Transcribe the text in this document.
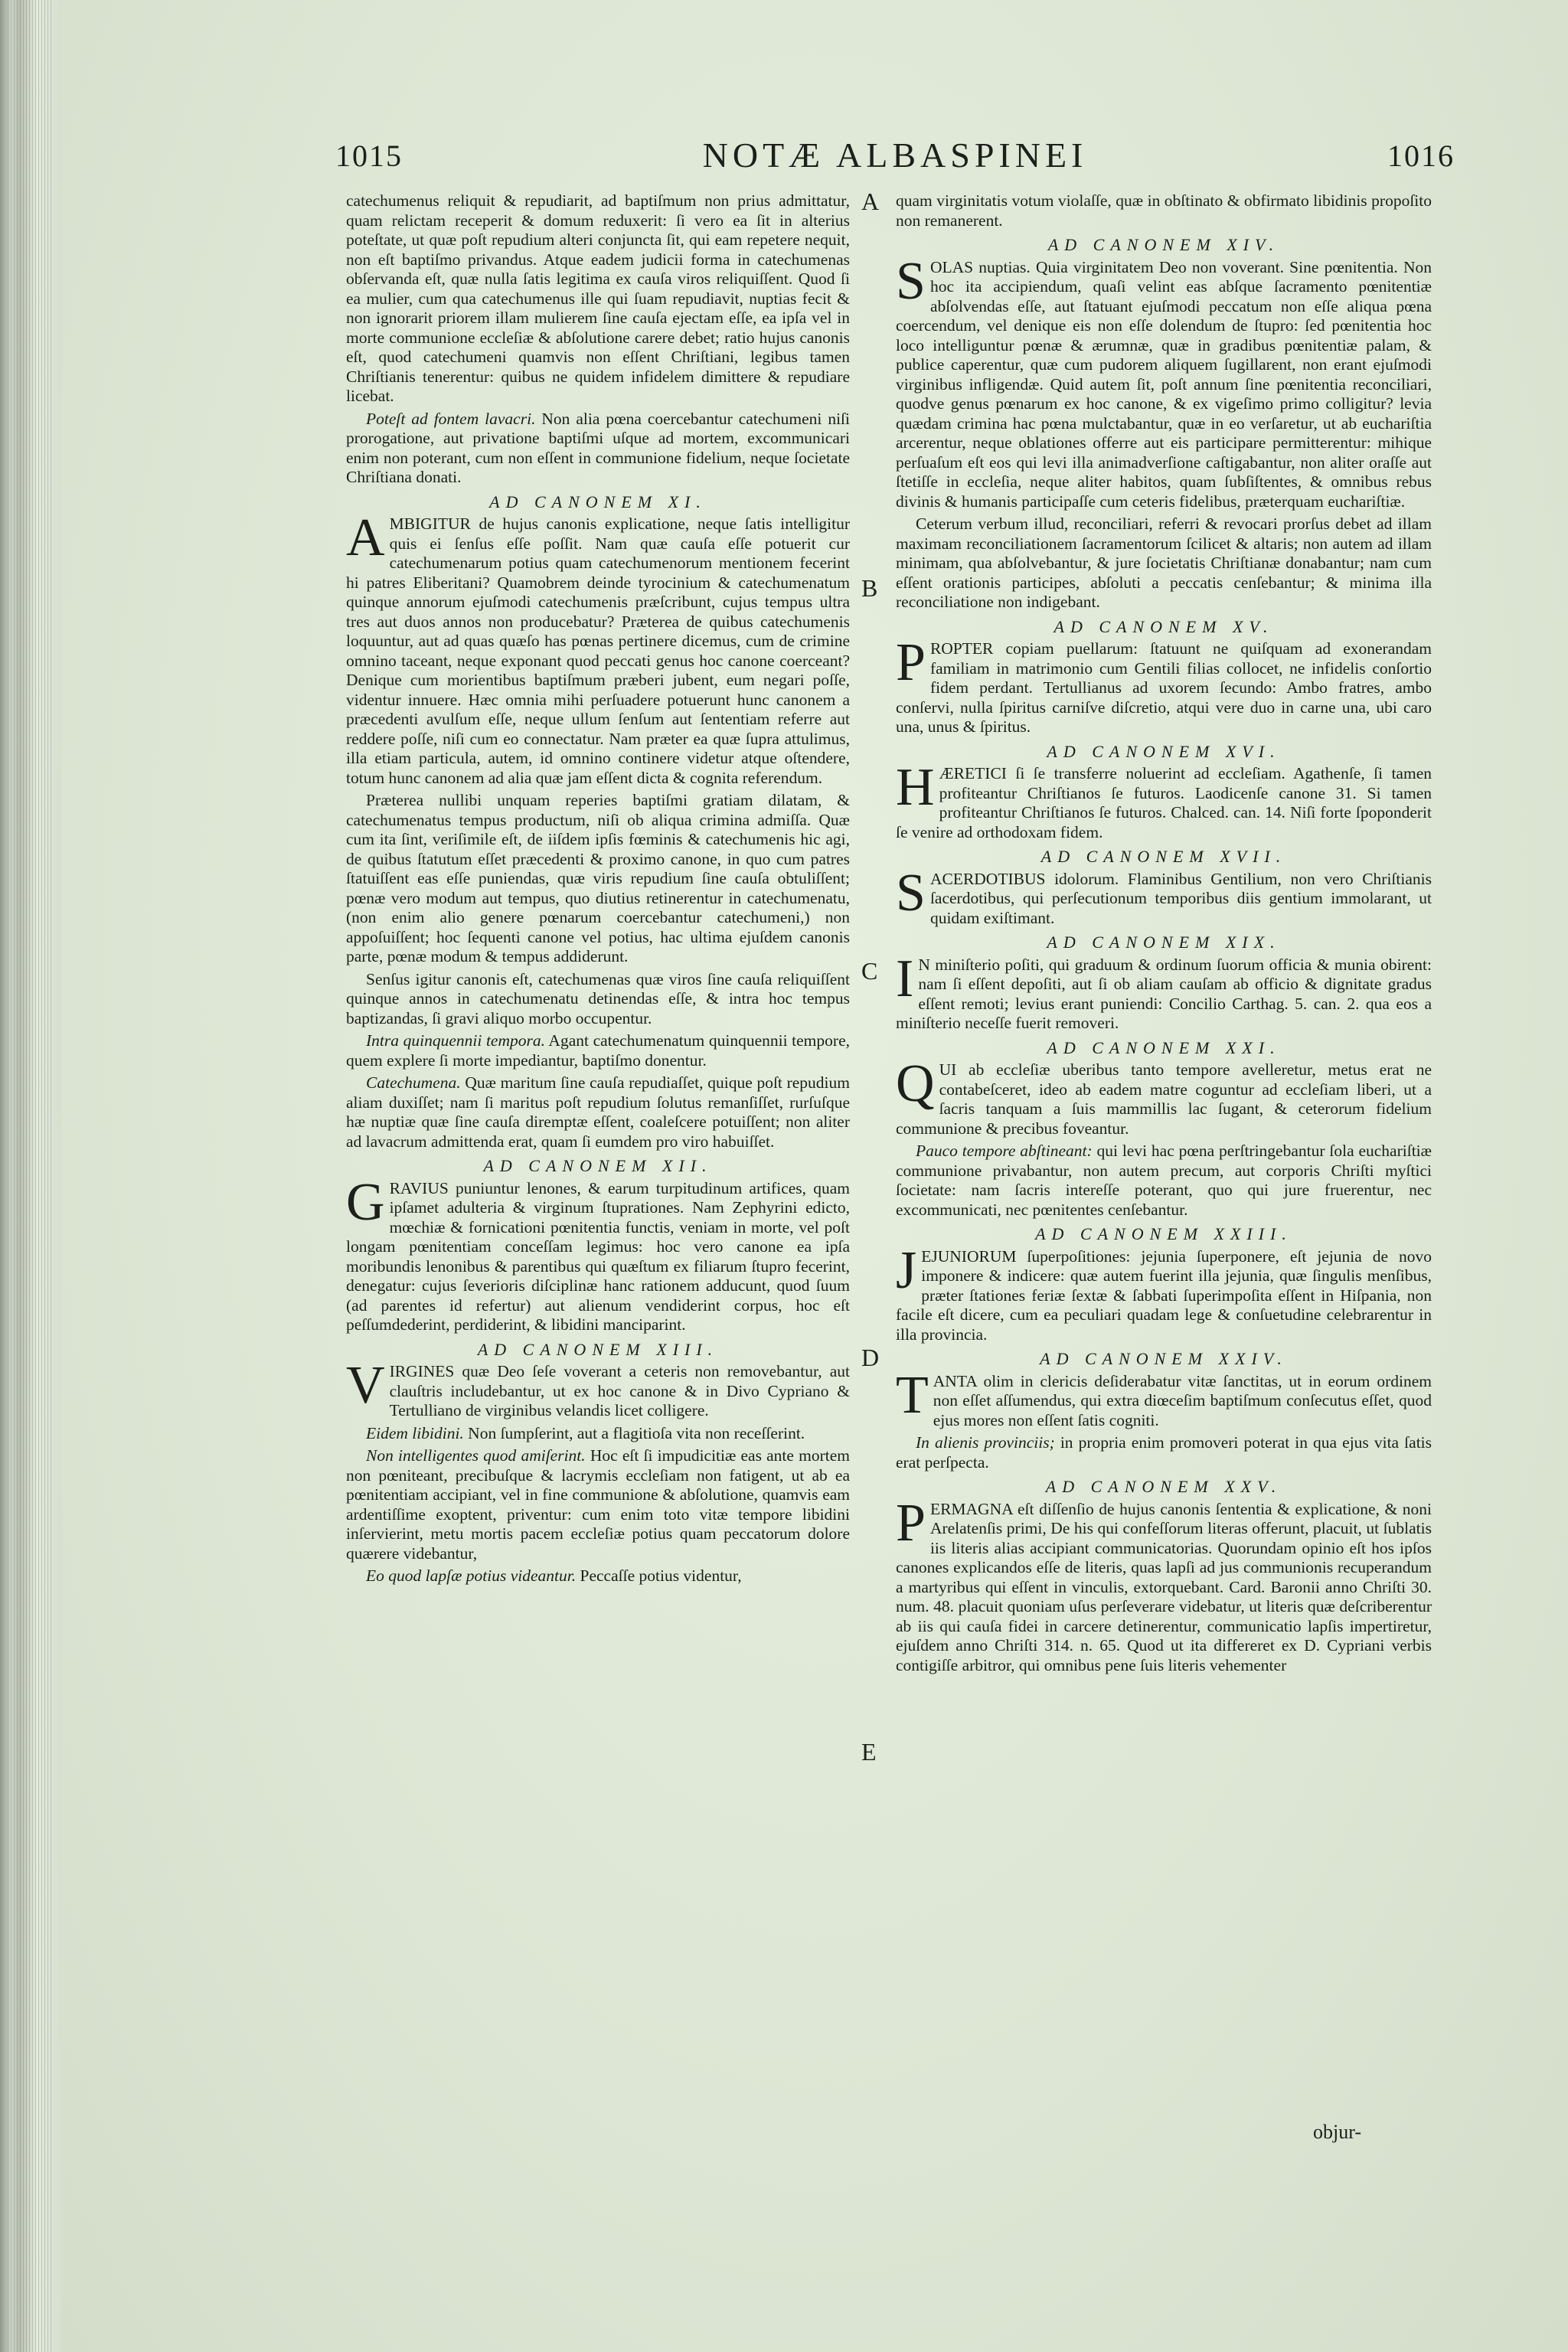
1015	NOTÆ ALBASPINEI	1016

catechumenus reliquit & repudiarit, ad baptiſmum non prius admittatur, quam relictam receperit & domum reduxerit: ſi vero ea ſit in alterius poteſtate, ut quæ poſt repudium alteri conjuncta ſit, qui eam repetere nequit, non eſt baptiſmo privandus. Atque eadem judicii forma in catechumenas obſervanda eſt, quæ nulla ſatis legitima ex cauſa viros reliquiſſent. Quod ſi ea mulier, cum qua catechumenus ille qui ſuam repudiavit, nuptias fecit & non ignorarit priorem illam mulierem ſine cauſa ejectam eſſe, ea ipſa vel in morte communione eccleſiæ & abſolutione carere debet; ratio hujus canonis eſt, quod catechumeni quamvis non eſſent Chriſtiani, legibus tamen Chriſtianis tenerentur: quibus ne quidem infidelem dimittere & repudiare licebat.

Poteſt ad fontem lavacri. Non alia pœna coercebantur catechumeni niſi prorogatione, aut privatione baptiſmi uſque ad mortem, excommunicari enim non poterant, cum non eſſent in communione fidelium, neque ſocietate Chriſtiana donati.

AD CANONEM XI.

AMBIGITUR de hujus canonis explicatione, neque ſatis intelligitur quis ei ſenſus eſſe poſſit. Nam quæ cauſa eſſe potuerit cur catechumenarum potius quam catechumenorum mentionem fecerint hi patres Eliberitani? Quamobrem deinde tyrocinium & catechumenatum quinque annorum ejuſmodi catechumenis præſcribunt, cujus tempus ultra tres aut duos annos non producebatur? Præterea de quibus catechumenis loquuntur, aut ad quas quæſo has pœnas pertinere dicemus, cum de crimine omnino taceant, neque exponant quod peccati genus hoc canone coerceant? Denique cum morientibus baptiſmum præberi jubent, eum negari poſſe, videntur innuere. Hæc omnia mihi perſuadere potuerunt hunc canonem a præcedenti avulſum eſſe, neque ullum ſenſum aut ſententiam referre aut reddere poſſe, niſi cum eo connectatur. Nam præter ea quæ ſupra attulimus, illa etiam particula, autem, id omnino continere videtur atque oſtendere, totum hunc canonem ad alia quæ jam eſſent dicta & cognita referendum.

Præterea nullibi unquam reperies baptiſmi gratiam dilatam, & catechumenatus tempus productum, niſi ob aliqua crimina admiſſa. Quæ cum ita ſint, veriſimile eſt, de iiſdem ipſis fœminis & catechumenis hic agi, de quibus ſtatutum eſſet præcedenti & proximo canone, in quo cum patres ſtatuiſſent eas eſſe puniendas, quæ viris repudium ſine cauſa obtuliſſent; pœnæ vero modum aut tempus, quo diutius retinerentur in catechumenatu, (non enim alio genere pœnarum coercebantur catechumeni,) non appoſuiſſent; hoc ſequenti canone vel potius, hac ultima ejuſdem canonis parte, pœnæ modum & tempus addiderunt.

Senſus igitur canonis eſt, catechumenas quæ viros ſine cauſa reliquiſſent quinque annos in catechumenatu detinendas eſſe, & intra hoc tempus baptizandas, ſi gravi aliquo morbo occupentur.

Intra quinquennii tempora. Agant catechumenatum quinquennii tempore, quem explere ſi morte impediantur, baptiſmo donentur.

Catechumena. Quæ maritum ſine cauſa repudiaſſet, quique poſt repudium aliam duxiſſet; nam ſi maritus poſt repudium ſolutus remanſiſſet, rurſuſque hæ nuptiæ quæ ſine cauſa diremptæ eſſent, coaleſcere potuiſſent; non aliter ad lavacrum admittenda erat, quam ſi eumdem pro viro habuiſſet.

AD CANONEM XII.

GRAVIUS puniuntur lenones, & earum turpitudinum artifices, quam ipſamet adulteria & virginum ſtuprationes. Nam Zephyrini edicto, mœchiæ & fornicationi pœnitentia functis, veniam in morte, vel poſt longam pœnitentiam conceſſam legimus: hoc vero canone ea ipſa moribundis lenonibus & parentibus qui quæſtum ex filiarum ſtupro fecerint, denegatur: cujus ſeverioris diſciplinæ hanc rationem adducunt, quod ſuum (ad parentes id refertur) aut alienum vendiderint corpus, hoc eſt peſſumdederint, perdiderint, & libidini manciparint.

AD CANONEM XIII.

VIRGINES quæ Deo ſeſe voverant a ceteris non removebantur, aut clauſtris includebantur, ut ex hoc canone & in Divo Cypriano & Tertulliano de virginibus velandis licet colligere.

Eidem libidini. Non ſumpſerint, aut a flagitioſa vita non receſſerint.

Non intelligentes quod amiſerint. Hoc eſt ſi impudicitiæ eas ante mortem non pœniteant, precibuſque & lacrymis eccleſiam non fatigent, ut ab ea pœnitentiam accipiant, vel in fine communione & abſolutione, quamvis eam ardentiſſime exoptent, priventur: cum enim toto vitæ tempore libidini inſervierint, metu mortis pacem eccleſiæ potius quam peccatorum dolore quærere videbantur,

Eo quod lapſæ potius videantur. Peccaſſe potius videntur,

A
B
C
D
E

quam virginitatis votum violaſſe, quæ in obſtinato & obfirmato libidinis propoſito non remanerent.

AD CANONEM XIV.

SOLAS nuptias. Quia virginitatem Deo non voverant. Sine pœnitentia. Non hoc ita accipiendum, quaſi velint eas abſque ſacramento pœnitentiæ abſolvendas eſſe, aut ſtatuant ejuſmodi peccatum non eſſe aliqua pœna coercendum, vel denique eis non eſſe dolendum de ſtupro: ſed pœnitentia hoc loco intelliguntur pœnæ & ærumnæ, quæ in gradibus pœnitentiæ palam, & publice caperentur, quæ cum pudorem aliquem ſugillarent, non erant ejuſmodi virginibus infligendæ. Quid autem ſit, poſt annum ſine pœnitentia reconciliari, quodve genus pœnarum ex hoc canone, & ex vigeſimo primo colligitur? levia quædam crimina hac pœna mulctabantur, quæ in eo verſaretur, ut ab euchariſtia arcerentur, neque oblationes offerre aut eis participare permitterentur: mihique perſuaſum eſt eos qui levi illa animadverſione caſtigabantur, non aliter oraſſe aut ſtetiſſe in eccleſia, neque aliter habitos, quam ſubſiſtentes, & omnibus rebus divinis & humanis participaſſe cum ceteris fidelibus, præterquam euchariſtiæ.

Ceterum verbum illud, reconciliari, referri & revocari prorſus debet ad illam maximam reconciliationem ſacramentorum ſcilicet & altaris; non autem ad illam minimam, qua abſolvebantur, & jure ſocietatis Chriſtianæ donabantur; nam cum eſſent orationis participes, abſoluti a peccatis cenſebantur; & minima illa reconciliatione non indigebant.

AD CANONEM XV.

PROPTER copiam puellarum: ſtatuunt ne quiſquam ad exonerandam familiam in matrimonio cum Gentili filias collocet, ne infidelis conſortio fidem perdant. Tertullianus ad uxorem ſecundo: Ambo fratres, ambo conſervi, nulla ſpiritus carniſve diſcretio, atqui vere duo in carne una, ubi caro una, unus & ſpiritus.

AD CANONEM XVI.

HÆRETICI ſi ſe transferre noluerint ad eccleſiam. Agathenſe, ſi tamen profiteantur Chriſtianos ſe futuros. Laodicenſe canone 31. Si tamen profiteantur Chriſtianos ſe futuros. Chalced. can. 14. Niſi forte ſpoponderit ſe venire ad orthodoxam fidem.

AD CANONEM XVII.

SACERDOTIBUS idolorum. Flaminibus Gentilium, non vero Chriſtianis ſacerdotibus, qui perſecutionum temporibus diis gentium immolarant, ut quidam exiſtimant.

AD CANONEM XIX.

I N miniſterio poſiti, qui graduum & ordinum ſuorum officia & munia obirent: nam ſi eſſent depoſiti, aut ſi ob aliam cauſam ab officio & dignitate gradus eſſent remoti; levius erant puniendi: Concilio Carthag. 5. can. 2. qua eos a miniſterio neceſſe fuerit removeri.

AD CANONEM XXI.

QUI ab eccleſiæ uberibus tanto tempore avelleretur, metus erat ne contabeſceret, ideo ab eadem matre coguntur ad eccleſiam liberi, ut a ſacris tanquam a ſuis mammillis lac ſugant, & ceterorum fidelium communione & precibus foveantur.

Pauco tempore abſtineant: qui levi hac pœna perſtringebantur ſola euchariſtiæ communione privabantur, non autem precum, aut corporis Chriſti myſtici ſocietate: nam ſacris intereſſe poterant, quo qui jure fruerentur, nec excommunicati, nec pœnitentes cenſebantur.

AD CANONEM XXIII.

JEJUNIORUM ſuperpoſitiones: jejunia ſuperponere, eſt jejunia de novo imponere & indicere: quæ autem fuerint illa jejunia, quæ ſingulis menſibus, præter ſtationes feriæ ſextæ & ſabbati ſuperimpoſita eſſent in Hiſpania, non facile eſt dicere, cum ea peculiari quadam lege & conſuetudine celebrarentur in illa provincia.

AD CANONEM XXIV.

TANTA olim in clericis deſiderabatur vitæ ſanctitas, ut in eorum ordinem non eſſet aſſumendus, qui extra diœceſim baptiſmum conſecutus eſſet, quod ejus mores non eſſent ſatis cogniti.

In alienis provinciis; in propria enim promoveri poterat in qua ejus vita ſatis erat perſpecta.

AD CANONEM XXV.

PERMAGNA eſt diſſenſio de hujus canonis ſententia & explicatione, & noni Arelatenſis primi, De his qui confeſſorum literas offerunt, placuit, ut ſublatis iis literis alias accipiant communicatorias. Quorundam opinio eſt hos ipſos canones explicandos eſſe de literis, quas lapſi ad jus communionis recuperandum a martyribus qui eſſent in vinculis, extorquebant. Card. Baronii anno Chriſti 30. num. 48. placuit quoniam uſus perſeverare videbatur, ut literis quæ deſcriberentur ab iis qui cauſa fidei in carcere detinerentur, communicatio lapſis impertiretur, ejuſdem anno Chriſti 314. n. 65. Quod ut ita differeret ex D. Cypriani verbis contigiſſe arbitror, qui omnibus pene ſuis literis vehementer

objur-
